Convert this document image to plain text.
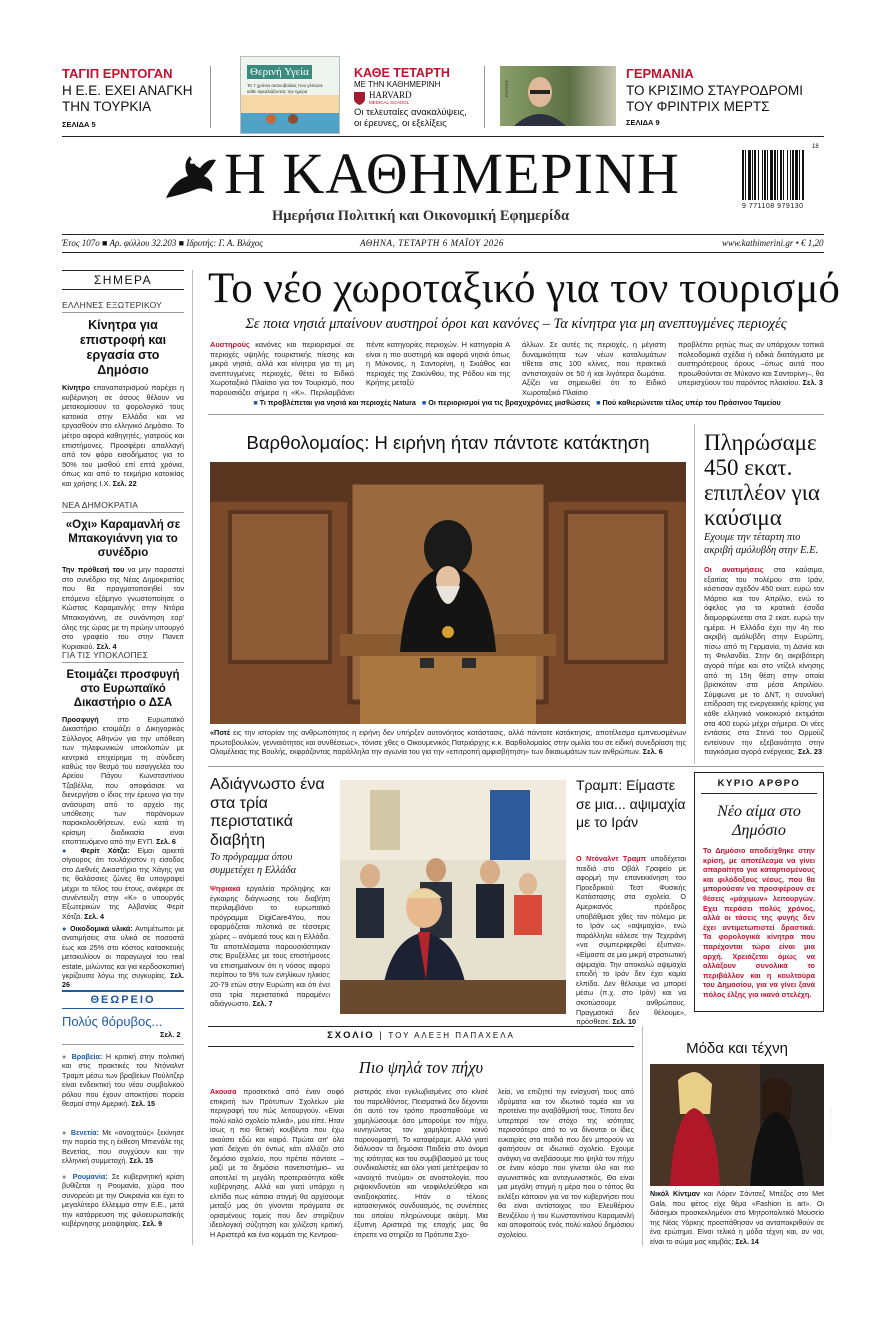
ΤΑΓΙΠ ΕΡΝΤΟΓΑΝ
Η Ε.Ε. ΕΧΕΙ ΑΝΑΓΚΗ ΤΗΝ ΤΟΥΡΚΙΑ
ΣΕΛΙΔΑ 5
Θερινή Υγεία
Τα 7 χρόνια ακτινοβολίας που γλιτώσε κάθε αγκαλιάζοντας την ημέρα
ΚΑΘΕ ΤΕΤΑΡΤΗ
ΜΕ ΤΗΝ ΚΑΘΗΜΕΡΙΝΗ
HARVARD
MEDICAL SCHOOL
Οι τελευταίες ανακαλύψεις, οι έρευνες, οι εξελίξεις
ΡΟΙΤΕΡΣ
ΓΕΡΜΑΝΙΑ
ΤΟ ΚΡΙΣΙΜΟ ΣΤΑΥΡΟΔΡΟΜΙ ΤΟΥ ΦΡΙΝΤΡΙΧ ΜΕΡΤΣ
ΣΕΛΙΔΑ 9
Η ΚΑΘΗΜΕΡΙΝΗ
Ημερήσια Πολιτική και Οικονομική Εφημερίδα
18
9 771108 979130
Έτος 107ο ■ Αρ. φύλλου 32.203 ■ Ιδρυτής: Γ. Α. Βλάχος	ΑΘΗΝΑ, ΤΕΤΑΡΤΗ 6 ΜΑΪΟΥ 2026	www.kathimerini.gr • € 1,20
ΣΗΜΕΡΑ
ΕΛΛΗΝΕΣ ΕΞΩΤΕΡΙΚΟΥ
Κίνητρα για επιστροφή και εργασία στο Δημόσιο
Κίνητρο επαναπατρισμού παρέχει η κυβέρνηση σε όσους θέλουν να μετακομίσουν το φορολογικό τους κατοικία στην Ελλάδα και να εργασθούν στο ελληνικό Δημόσιο. Το μέτρο αφορά καθηγητές, γιατρούς και επιστήμονες. Προσφέρει απαλλαγή από τον φόρο εισοδήματος για το 50% του μισθού επί επτά χρόνια, όπως και από το τεκμήριο κατοικίας και χρήσης Ι.Χ. Σελ. 22
ΝΕΑ ΔΗΜΟΚΡΑΤΙΑ
«Οχι» Καραμανλή σε Μπακογιάννη για το συνέδριο
Την πρόθεσή του να μην παραστεί στο συνέδριο της Νέας Δημοκρατίας που θα πραγματοποιηθεί τον επόμενο εξάμηνο γνωστοποίησε ο Κώστας Καραμανλής στην Ντόρα Μπακογιάννη, σε συνάντηση εορ' όλης της ώρας με τη πρώην υπουργό στο γραφείο του στην Πανεπ Κυριακού. Σελ. 4
ΓΙΑ ΤΙΣ ΥΠΟΚΛΟΠΕΣ
Ετοιμάζει προσφυγή στο Ευρωπαϊκό Δικαστήριο ο ΔΣΑ
Προσφυγή	στο Ευρωπαϊκό Δικαστήριο ετοιμάζει ο Δικηγορικός Σύλλογος Αθηνών για την υπόθεση των τηλεφωνικών υποκλοπών με κεντρικό επιχείρημα τη σύνδεση καθώς τον θεσμό του εισαγγελέα του Αρείου Πάγου Κωνσταντίνου Τζαβέλλα, που αποφάσισε να διενεργήσει ο ίδιος την έρευνα για την ανάσυρση από το αρχείο της υπόθεσης των παράνομων παρακολουθήσεων, ενώ κατά τη κρίσιμη διαδικασία είναι εποπτευόμενο από την ΕΥΠ. Σελ. 6
● Φερίτ Χότζα: Είμαι αρκετά σίγουρος ότι τουλάχιστον η είσοδος στο Διεθνές Δικαστήριο της Χάγης για τις θαλάσσιες ζώνες θα υπογραφεί μέχρι το τέλος του έτους, ανέφερε σε συνέντευξη στην «Κ» ο υπουργός Εξωτερικών της Αλβανίας Φερίτ Χότζα. Σελ. 4
● Οικοδομικά υλικά: Αντιμέτωποι με ανατιμήσεις στα υλικά σε ποσοστά έως και 25% στο κόστος κατασκευής μετακυλίουν οι παραγωγοί του real estate, μιλώντας και για κερδοσκοπική γκρίζουσα λόγω της συγκυρίας. Σελ. 26
ΘΕΩΡΕΙΟ
Πολύς θόρυβος...
Σελ. 2
● Βραβεία: Η κριτική στην πολιτική και στις πρακτικές του Ντόναλντ Τραμπ μέσω των βραβείων Πούλιτζερ είναι ενδεικτική του νέου συμβολικού ρόλου που έχουν αποκτήσει πορεία θεσμοί στην Αμερική. Σελ. 15
● Βενετία: Με «ανοιχτούς» ξεκίνησε την πορεία της η έκθεση Μπιενάλε της Βενετίας, που συγχύουν και την ελληνική συμμετοχή. Σελ. 15
● Ρουμανία: Σε κυβερνητική κρίση βυθίζεται η Ρουμανία, χώρα που συνορεύει με την Ουκρανία και έχει το μεγαλύτερο έλλειμμα στην Ε.Ε., μετά την κατάρρευση της φιλοευρωπαϊκής κυβέρνησης μειοψηφίας. Σελ. 9
Το νέο χωροταξικό για τον τουρισμό
Σε ποια νησιά μπαίνουν αυστηροί όροι και κανόνες – Τα κίνητρα για μη ανεπτυγμένες περιοχές
Αυστηρούς κανόνες και περιορισμοί σε περιοχές υψηλής τουριστικής πίεσης και μικρά νησιά, αλλά και κίνητρα για τη μη ανεπτυγμένες περιοχές, θέτει το Ειδικό Χωροταξικό Πλαίσιο για τον Τουρισμό, που παρουσιάζει σήμερα η «Κ». Περιλαμβάνει πέντε κατηγορίες περιοχών. Η κατηγορία Α είναι η πιο αυστηρή και αφορά νησιά όπως η Μύκονος, η Σαντορίνη, η Σκιάθος και περιοχές της Ζακύνθου, της Ρόδου και της Κρήτης μεταξύ
άλλων. Σε αυτές τις περιοχές, η μέγιστη δυναμικότητα των νέων καταλυμάτων τίθεται στις 100 κλίνες, που πρακτικά αντιστοιχούν σε 50 ή και λιγότερα δωμάτια. Αξίζει να σημειωθεί ότι το Ειδικό Χωροταξικό Πλαίσιο
προβλέπει ρητώς πως αν υπάρχουν τοπικά πολεοδομικά σχέδια ή ειδικά διατάγματα με αυστηρότερους όρους –όπως αυτά που προωθούνται σε Μύκονο και Σαντορίνη–, θα υπερισχύουν του παρόντος πλαισίου. Σελ. 3
■ Τι προβλέπεται για νησιά και περιοχές Natura ■ Οι περιορισμοί για τις βραχυχρόνιες μισθώσεις ■ Πού καθιερώνεται τέλος υπέρ του Πράσινου Ταμείου
Βαρθολομαίος: Η ειρήνη ήταν πάντοτε κατάκτηση
ΦΩΤΟΓΡΑΦΙΑ: ΒΟΥΛΗ ΤΩΝ ΕΛΛΗΝΩΝ
«Ποτέ εις την ιστορίαν της ανθρωπότητος η ειρήνη δεν υπήρξεν αυτονόητος κατάστασις, αλλά πάντοτε κατάκτησις, αποτέλεσμα εμπνευσμένων πρωτοβουλιών, γενναιότητος και συνθέσεως», τόνισε χθες ο Οικουμενικός Πατριάρχης κ.κ. Βαρθολομαίος στην ομιλία του σε ειδική συνεδρίαση της Ολομέλειας της Βουλής, εκφράζοντας παράλληλα την αγωνία του για την «επιτροπή αμφισβήτηση» των δικαιωμάτων των ανθρώπων. Σελ. 6
Πληρώσαμε 450 εκατ. επιπλέον για καύσιμα
Εχουμε την τέταρτη πιο ακριβή αμόλυβδη στην Ε.Ε.
Οι ανατιμήσεις στα καύσιμα, εξαιτίας του πολέμου στο Ιράν, κόστισαν σχεδόν 450 εκατ. ευρώ τον Μάρτιο και τον Απρίλιο, ενώ το όφελος για τα κρατικά έσοδα διαμορφώνεται στα 2 εκατ. ευρώ την ημέρα. Η Ελλάδα έχει την 4η πιο ακριβή αμόλυβδη στην Ευρώπη, πίσω από τη Γερμανία, τη Δανία και τη Φινλανδία. Στην 6η ακριβότερη αγορά πήρε και στο ντίζελ κίνησης από τη 15η θέση στην οποία βρισκόταν στα μέσα Απριλίου. Σύμφωνα με το ΔΝΤ, η συνολική επίδραση της ενεργειακής κρίσης για κάθε ελληνικό νοικοκυριό εκτιμάται στα 400 ευρώ μέχρι σήμερα. Οι νέες εντάσεις στα Στενά του Ορμούζ εντείνουν την εξεβαινότητα στην παγκόσμια αγορά ενέργειας. Σελ. 23
Αδιάγνωστο ένα στα τρία περιστατικά διαβήτη
Το πρόγραμμα όπου συμμετέχει η Ελλάδα
Ψηφιακά εργαλεία πρόληψης και έγκαιρης διάγνωσης του διαβήτη περιλαμβάνει το ευρωπαϊκό πρόγραμμα DigiCare4You, που εφαρμόζεται πιλοτικά σε τέσσερις χώρες – ανάμεσά τους και η Ελλάδα. Τα αποτελέσματα παρουσιάστηκαν στις Βρυξέλλες με τους επιστήμονες να επισημαίνουν ότι η νόσος αφορά περίπου το 9% των ενηλίκων ηλικίας 20-79 ετών στην Ευρώπη και ότι ένα στα τρία περιστατικά παραμένει αδιάγνωστο. Σελ. 7
ASSOCIATED PRESS
Τραμπ: Είμαστε σε μια... αψιμαχία με το Ιράν
Ο Ντόναλντ Τραμπ υποδέχεται παιδιά στο Οβάλ Γραφείο με αφορμή την επανεκκίνηση του Προεδρικού Τεστ Φυσικής Κατάστασης στα σχολεία. Ο Αμερικανός πρόεδρος υποβάθμισε χθες τον πόλεμο με το Ιράν ως «αψιμαχία», ενώ παράλληλα κάλεσε την Τεχεράνη «να συμπεριφερθεί έξυπνα». «Είμαστε σε μια μικρή στρατιωτική αψιμαχία. Την αποκαλώ αψιμαχία επειδή το Ιράν δεν έχει καμία ελπίδα. Δεν θέλουμε να μπορεί μέσω (π.χ. στο Ιράν) και να σκοτώσουμε ανθρώπους. Πραγματικά δεν θέλουμε», πρόσθεσε. Σελ. 10
ΚΥΡΙΟ ΑΡΘΡΟ
Νέο αίμα στο Δημόσιο
Το Δημόσιο αποδείχθηκε στην κρίση, με αποτέλεσμα να γίνει απαραίτητο για καταρτισμένους και φιλόδοξους νέους, που θα μπορούσαν να προσφέρουν σε θέσεις «μάχιμων» λειτουργών. Εχει περάσει πολύς χρόνος, αλλά οι τάσεις της φυγής δεν έχει αντιμετωπιστεί δραστικά. Τα φορολογικά κίνητρα που παρέχονται τώρα είναι μια αρχή. Χρειάζεται όμως να αλλάξουν συνολικά το περιβάλλον και η κουλτούρα του Δημοσίου, για να γίνει ξανά πόλος έλξης για ικανά στελέχη.
ΣΧΟΛΙΟ | ΤΟΥ ΑΛΕΞΗ ΠΑΠΑΧΕΛΑ
Πιο ψηλά τον πήχυ
Ακουσα προσεκτικά από έναν σοφό επικριτή των Πρότυπων Σχολείων μία περιγραφή του πώς λειτουργούν. «Είναι πολύ καλό σχολείο τελικά», μου είπε. Ηταν ίσως η πιο θετική κουβέντα που έχω ακούσει εδώ και καιρό. Πρώτα απ' όλα γιατί δείχνει ότι όντως κάτι αλλάζει στο δημόσιο σχολείο, που πρέπει πάντοτε –μαζί με το δημόσιο πανεπιστήμιο– να αποτελεί τη μεγάλη προτεραιότητα κάθε κυβέρνησης. Αλλά και γιατί υπάρχει η ελπίδα πως κάποια στιγμή θα αρχίσουμε μεταξύ μας ότι γίνονται πράγματα σε ορισμένους τομείς που δεν στηρίζουν ιδεολογική σύζητηση και χιλίζεση κριτική. Η Αριστερά και ένα κομμάτι της Κεντροα-
ριστεράς είναι εγκλωβισμένες στο κλισέ του παρελθόντος. Πεισματικά δεν δέχονται ότι αυτό τον τρόπο προσπαθούμε να χαμηλώσουμε όσο μπορούμε τον πήχυ, κυνηγώντας τον χαμηλότερο κοινό παρονομαστή. Το καταφέραμε. Αλλά γιατί διάλυσαν τα δημόσια Παιδεία στο όνομα της ισότητας και του συμβιβασμού με τους συνδικαλιστές και όλοι γιατί μετέτρεψαν το «ανοιχτό πνεύμα» σε ανοστολογία, που ριψοκινδυνεύει και νεοφιλελεύθερα και αναξιοκρατίες. Ητάν ο τέλειος κατασκηνικός συνδυασμός, τις συνέπειες του οποίου πληρώνουμε ακόμη. Μια έξυπνη Αριστερά της εποχής μας θα έπρεπε να στηρίζει τα Πρότυπα Σχο-
λεία, να επιζητεί την ενίσχυσή τους από ιδρύματα και τον ιδιωτικό τομέα και να προτείνει την αναβάθμισή τους. Τίποτα δεν υπερτερεί τον στόχο της ισότητας περισσότερο από το να δίνονται οι ίδιες ευκαιρίες στα παιδιά που δεν μπορούν να φοιτήσουν σε ιδιωτικό σχολείο. Εχουμε ανάγκη να ανεβάσουμε πιο ψηλά τον πήχυ σε έναν κόσμο που γίνεται όλο και πιο αγωνιστικός και ανταγωνιστικός. Θα είναι μια μεγάλη στιγμή η μέρα που ο τόπος θα εκλέξει κάποιον για να τον κυβερνήσει που θα είναι αντίστοιχος του Ελευθέριου Βενιζέλου ή του Κωνσταντίνου Καραμανλή και αποφοιτούς ενός πολύ καλού δημόσιου σχολείου.
Μόδα και τέχνη
GETTY IMAGES
Νικόλ Κίντμαν και Λόρεν Σάντσεζ Μπέζος στο Met Gala, που φέτος είχε θέμα «Fashion is art». Οι διάσημοι προσκεκλημένοι στο Μητροπολιτικό Μουσείο της Νέας Υόρκης προσπάθησαν να ανταποκριθούν σε ένα ερώτημα. Είναι τελικά η μόδα τέχνη και, αν ναι, είναι το σώμα μας καμβάς; Σελ. 14
